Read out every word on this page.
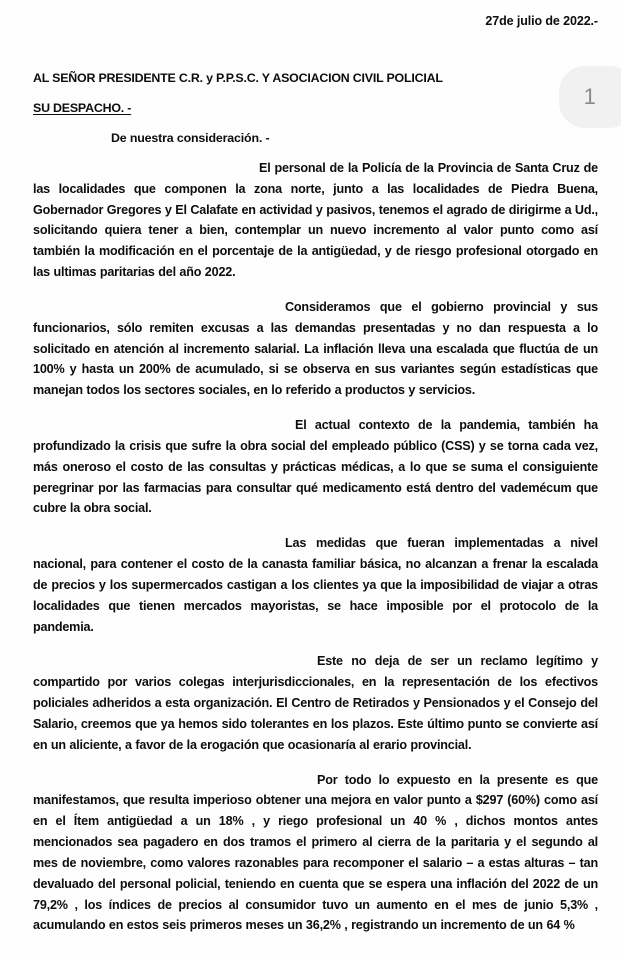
1
27de julio de 2022.-
AL SEÑOR PRESIDENTE C.R. y P.P.S.C. Y ASOCIACION CIVIL POLICIAL
SU DESPACHO. -
De nuestra consideración. -

El personal de la Policía de la Provincia de Santa Cruz de las localidades que componen la zona norte, junto a las localidades de Piedra Buena, Gobernador Gregores y El Calafate en actividad y pasivos, tenemos el agrado de dirigirme a Ud., solicitando quiera tener a bien, contemplar un nuevo incremento al valor punto como así también la modificación en el porcentaje de la antigüedad, y de riesgo profesional otorgado en las ultimas paritarias del año 2022.

Consideramos que el gobierno provincial y sus funcionarios, sólo remiten excusas a las demandas presentadas y no dan respuesta a lo solicitado en atención al incremento salarial. La inflación lleva una escalada que fluctúa de un 100% y hasta un 200% de acumulado, si se observa en sus variantes según estadísticas que manejan todos los sectores sociales, en lo referido a productos y servicios.

El actual contexto de la pandemia, también ha profundizado la crisis que sufre la obra social del empleado público (CSS) y se torna cada vez, más oneroso el costo de las consultas y prácticas médicas, a lo que se suma el consiguiente peregrinar por las farmacias para consultar qué medicamento está dentro del vademécum que cubre la obra social.

Las medidas que fueran implementadas a nivel nacional, para contener el costo de la canasta familiar básica, no alcanzan a frenar la escalada de precios y los supermercados castigan a los clientes ya que la imposibilidad de viajar a otras localidades que tienen mercados mayoristas, se hace imposible por el protocolo de la pandemia.

Este no deja de ser un reclamo legítimo y compartido por varios colegas interjurisdiccionales, en la representación de los efectivos policiales adheridos a esta organización. El Centro de Retirados y Pensionados y el Consejo del Salario, creemos que ya hemos sido tolerantes en los plazos. Este último punto se convierte así en un aliciente, a favor de la erogación que ocasionaría al erario provincial.

Por todo lo expuesto en la presente es que manifestamos, que resulta imperioso obtener una mejora en valor punto a $297 (60%) como así en el Ítem antigüedad a un 18% , y riego profesional un 40 % , dichos montos antes mencionados sea pagadero en dos tramos el primero al cierra de la paritaria y el segundo al mes de noviembre, como valores razonables para recomponer el salario – a estas alturas – tan devaluado del personal policial, teniendo en cuenta que se espera una inflación del 2022 de un 79,2% , los índices de precios al consumidor tuvo un aumento en el mes de junio 5,3% , acumulando en estos seis primeros meses un 36,2% , registrando un incremento de un 64 %
